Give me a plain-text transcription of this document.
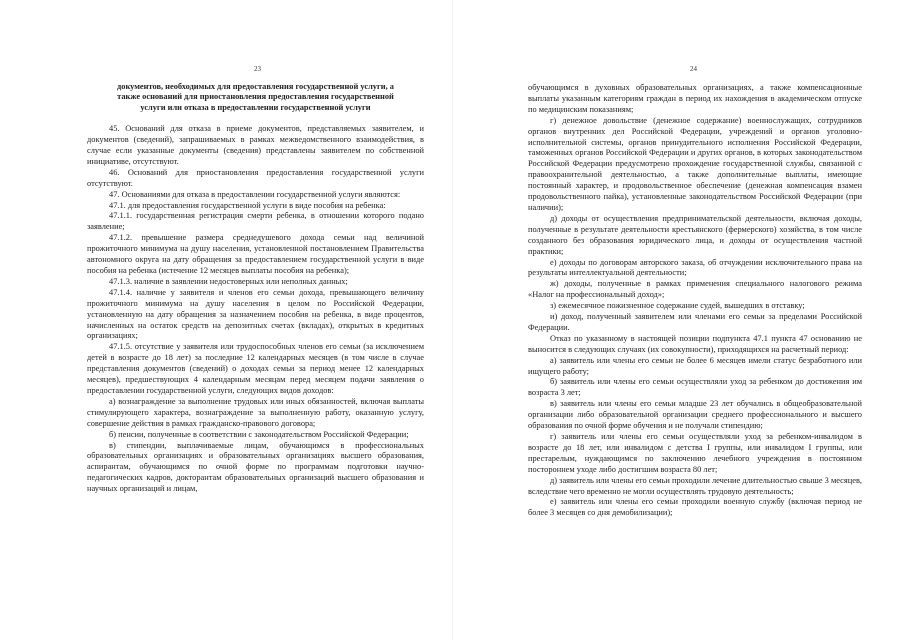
23

документов, необходимых для предоставления государственной услуги, а также оснований для приостановления предоставления государственной услуги или отказа в предоставлении государственной услуги

45. Оснований для отказа в приеме документов, представляемых заявителем, и документов (сведений), запрашиваемых в рамках межведомственного взаимодействия, в случае если указанные документы (сведения) представлены заявителем по собственной инициативе, отсутствуют.

46. Оснований для приостановления предоставления государственной услуги отсутствуют.

47. Основаниями для отказа в предоставлении государственной услуги являются:

47.1. для предоставления государственной услуги в виде пособия на ребенка:

47.1.1. государственная регистрация смерти ребенка, в отношении которого подано заявление;

47.1.2. превышение размера среднедушевого дохода семьи над величиной прожиточного минимума на душу населения, установленной постановлением Правительства автономного округа на дату обращения за предоставлением государственной услуги в виде пособия на ребенка (истечение 12 месяцев выплаты пособия на ребенка);

47.1.3. наличие в заявлении недостоверных или неполных данных;

47.1.4. наличие у заявителя и членов его семьи дохода, превышающего величину прожиточного минимума на душу населения в целом по Российской Федерации, установленную на дату обращения за назначением пособия на ребенка, в виде процентов, начисленных на остаток средств на депозитных счетах (вкладах), открытых в кредитных организациях;

47.1.5. отсутствие у заявителя или трудоспособных членов его семьи (за исключением детей в возрасте до 18 лет) за последние 12 календарных месяцев (в том числе в случае представления документов (сведений) о доходах семьи за период менее 12 календарных месяцев), предшествующих 4 календарным месяцам перед месяцем подачи заявления о предоставлении государственной услуги, следующих видов доходов:

а) вознаграждение за выполнение трудовых или иных обязанностей, включая выплаты стимулирующего характера, вознаграждение за выполненную работу, оказанную услугу, совершение действия в рамках гражданско-правового договора;

б) пенсии, полученные в соответствии с законодательством Российской Федерации;

в) стипендии, выплачиваемые лицам, обучающимся в профессиональных образовательных организациях и образовательных организациях высшего образования, аспирантам, обучающимся по очной форме по программам подготовки научно-педагогических кадров, докторантам образовательных организаций высшего образования и научных организаций и лицам,

24

обучающимся в духовных образовательных организациях, а также компенсационные выплаты указанным категориям граждан в период их нахождения в академическом отпуске по медицинским показаниям;

г) денежное довольствие (денежное содержание) военнослужащих, сотрудников органов внутренних дел Российской Федерации, учреждений и органов уголовно-исполнительной системы, органов принудительного исполнения Российской Федерации, таможенных органов Российской Федерации и других органов, в которых законодательством Российской Федерации предусмотрено прохождение государственной службы, связанной с правоохранительной деятельностью, а также дополнительные выплаты, имеющие постоянный характер, и продовольственное обеспечение (денежная компенсация взамен продовольственного пайка), установленные законодательством Российской Федерации (при наличии);

д) доходы от осуществления предпринимательской деятельности, включая доходы, полученные в результате деятельности крестьянского (фермерского) хозяйства, в том числе созданного без образования юридического лица, и доходы от осуществления частной практики;

е) доходы по договорам авторского заказа, об отчуждении исключительного права на результаты интеллектуальной деятельности;

ж) доходы, полученные в рамках применения специального налогового режима «Налог на профессиональный доход»;

з) ежемесячное пожизненное содержание судей, вышедших в отставку;

и) доход, полученный заявителем или членами его семьи за пределами Российской Федерации.

Отказ по указанному в настоящей позиции подпункта 47.1 пункта 47 основанию не выносится в следующих случаях (их совокупности), приходящихся на расчетный период:

а) заявитель или члены его семьи не более 6 месяцев имели статус безработного или ищущего работу;

б) заявитель или члены его семьи осуществляли уход за ребенком до достижения им возраста 3 лет;

в) заявитель или члены его семьи младше 23 лет обучались в общеобразовательной организации либо образовательной организации среднего профессионального и высшего образования по очной форме обучения и не получали стипендию;

г) заявитель или члены его семьи осуществляли уход за ребенком-инвалидом в возрасте до 18 лет, или инвалидом с детства I группы, или инвалидом I группы, или престарелым, нуждающимся по заключению лечебного учреждения в постоянном постороннем уходе либо достигшим возраста 80 лет;

д) заявитель или члены его семьи проходили лечение длительностью свыше 3 месяцев, вследствие чего временно не могли осуществлять трудовую деятельность;

е) заявитель или члены его семьи проходили военную службу (включая период не более 3 месяцев со дня демобилизации);
